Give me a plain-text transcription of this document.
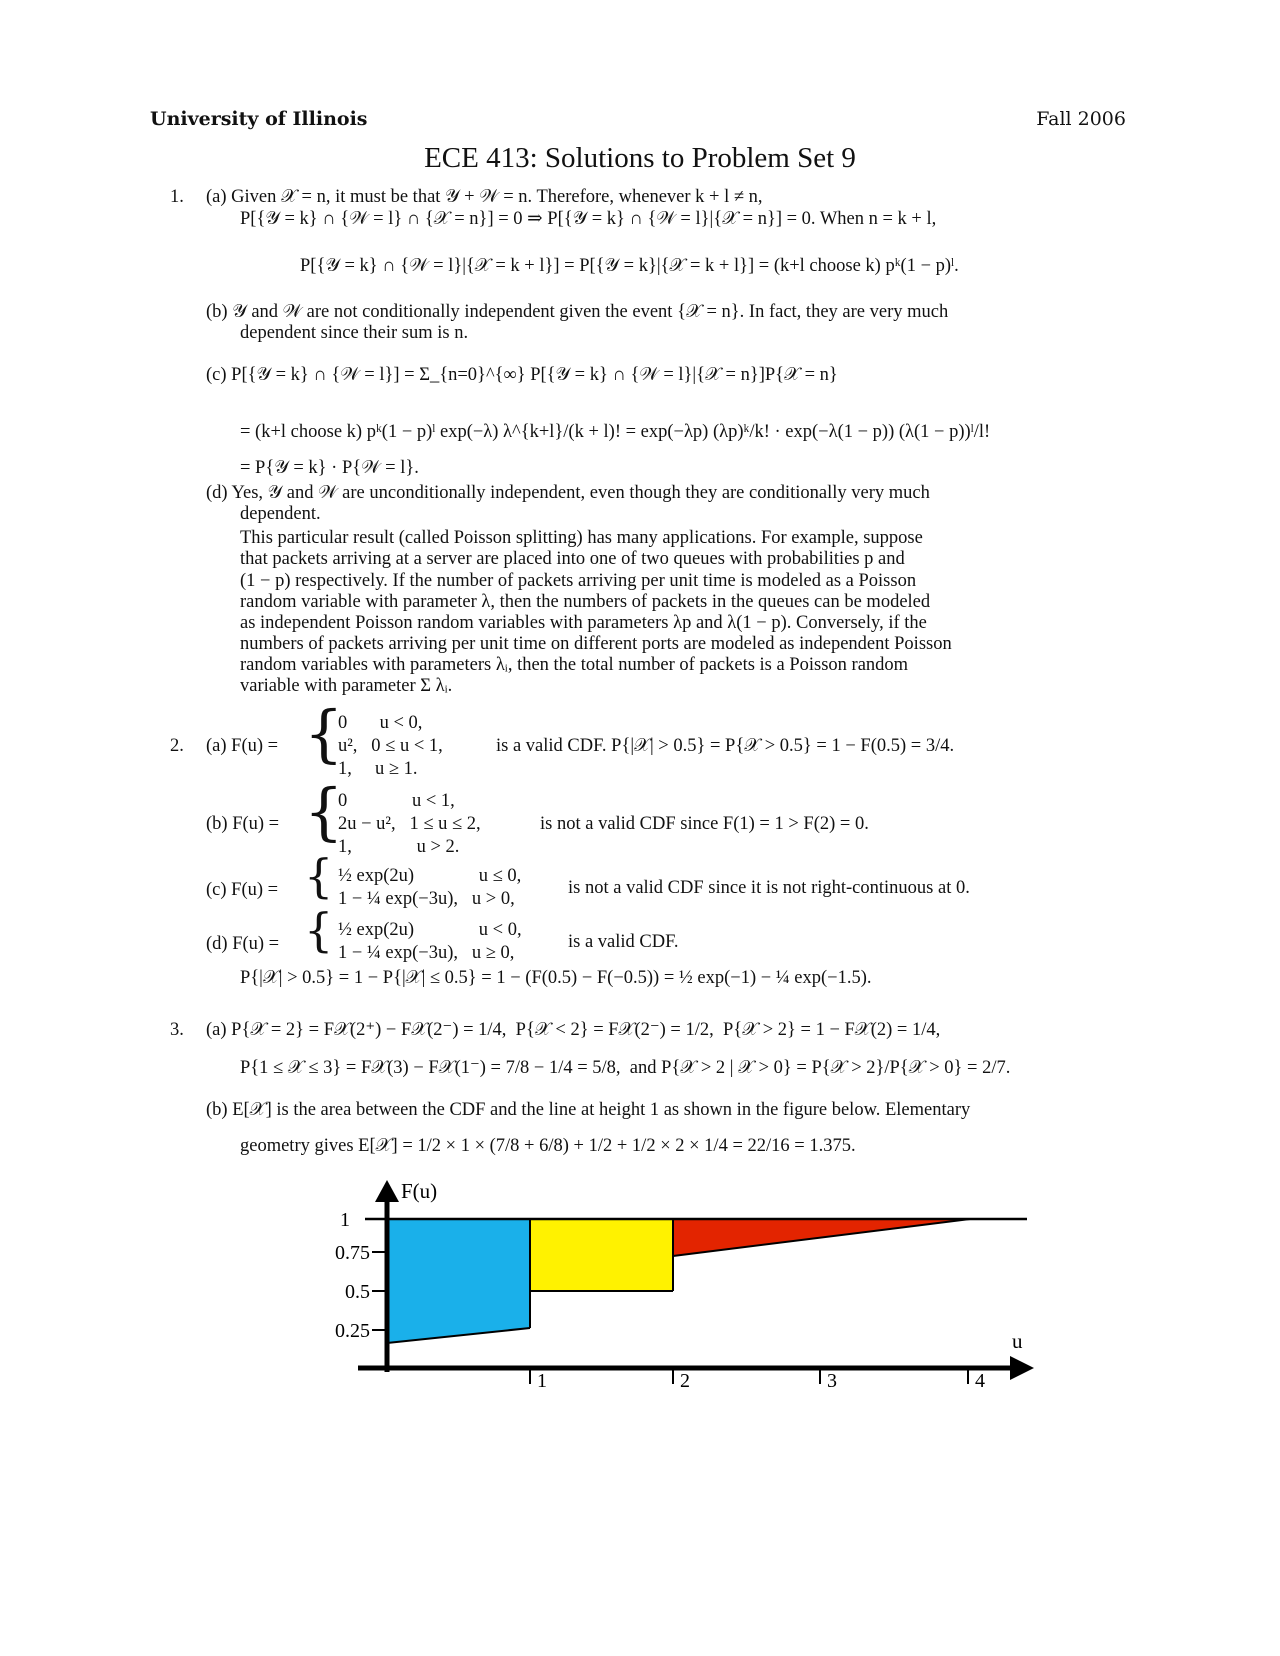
University of Illinois	Fall 2006
ECE 413: Solutions to Problem Set 9
1. (a) Given 𝒳 = n, it must be that 𝒴 + 𝒲 = n. Therefore, whenever k + l ≠ n,
P[{𝒴 = k} ∩ {𝒲 = l} ∩ {𝒳 = n}] = 0 ⇒ P[{𝒴 = k} ∩ {𝒲 = l}|{𝒳 = n}] = 0. When n = k + l,
P[{𝒴 = k} ∩ {𝒲 = l}|{𝒳 = k + l}] = P[{𝒴 = k}|{𝒳 = k + l}] = (k+l choose k) pᵏ(1 − p)ˡ.
(b) 𝒴 and 𝒲 are not conditionally independent given the event {𝒳 = n}. In fact, they are very much
dependent since their sum is n.
(c) P[{𝒴 = k} ∩ {𝒲 = l}] = Σ_{n=0}^{∞} P[{𝒴 = k} ∩ {𝒲 = l}|{𝒳 = n}]P{𝒳 = n}
= (k+l choose k) pᵏ(1 − p)ˡ exp(−λ) λ^{k+l}/(k + l)! = exp(−λp) (λp)ᵏ/k! · exp(−λ(1 − p)) (λ(1 − p))ˡ/l!
= P{𝒴 = k} · P{𝒲 = l}.
(d) Yes, 𝒴 and 𝒲 are unconditionally independent, even though they are conditionally very much
dependent.
This particular result (called Poisson splitting) has many applications. For example, suppose
that packets arriving at a server are placed into one of two queues with probabilities p and
(1 − p) respectively. If the number of packets arriving per unit time is modeled as a Poisson
random variable with parameter λ, then the numbers of packets in the queues can be modeled
as independent Poisson random variables with parameters λp and λ(1 − p). Conversely, if the
numbers of packets arriving per unit time on different ports are modeled as independent Poisson
random variables with parameters λᵢ, then the total number of packets is a Poisson random
variable with parameter Σ λᵢ.
2. (a) F(u) = {
0       u < 0,
u²,   0 ≤ u < 1,
1,     u ≥ 1.
is a valid CDF. P{|𝒳| > 0.5} = P{𝒳 > 0.5} = 1 − F(0.5) = 3/4.
(b) F(u) = {
0              u < 1,
2u − u²,   1 ≤ u ≤ 2,
1,              u > 2.
is not a valid CDF since F(1) = 1 > F(2) = 0.
(c) F(u) = { ½ exp(2u)              u ≤ 0,
1 − ¼ exp(−3u),   u > 0,
is not a valid CDF since it is not right-continuous at 0.
(d) F(u) = { ½ exp(2u)              u < 0,
1 − ¼ exp(−3u),   u ≥ 0,
is a valid CDF.
P{|𝒳| > 0.5} = 1 − P{|𝒳| ≤ 0.5} = 1 − (F(0.5) − F(−0.5)) = ½ exp(−1) − ¼ exp(−1.5).
3. (a) P{𝒳 = 2} = F𝒳(2⁺) − F𝒳(2⁻) = 1/4,  P{𝒳 < 2} = F𝒳(2⁻) = 1/2,  P{𝒳 > 2} = 1 − F𝒳(2) = 1/4,
P{1 ≤ 𝒳 ≤ 3} = F𝒳(3) − F𝒳(1⁻) = 7/8 − 1/4 = 5/8,  and P{𝒳 > 2 | 𝒳 > 0} = P{𝒳 > 2}/P{𝒳 > 0} = 2/7.
(b) E[𝒳] is the area between the CDF and the line at height 1 as shown in the figure below. Elementary
geometry gives E[𝒳] = 1/2 × 1 × (7/8 + 6/8) + 1/2 + 1/2 × 2 × 1/4 = 22/16 = 1.375.
F(u)
u
1
0.75
0.5
0.25
1	2	3	4
